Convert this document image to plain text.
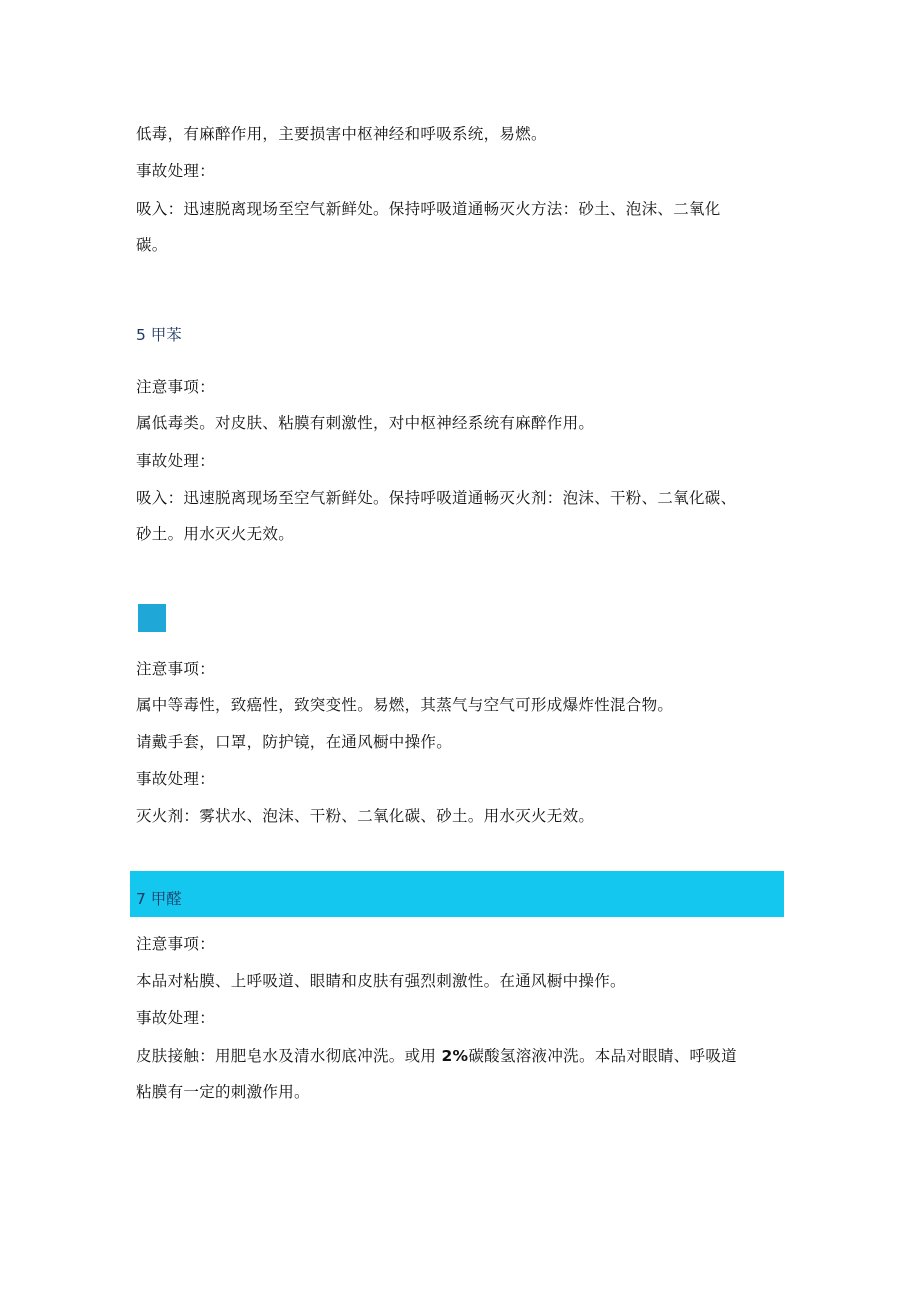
低毒，有麻醉作用，主要损害中枢神经和呼吸系统，易燃。
事故处理：
吸入：迅速脱离现场至空气新鲜处。保持呼吸道通畅灭火方法：砂土、泡沫、二氧化
碳。
5 甲苯
注意事项：
属低毒类。对皮肤、粘膜有刺激性，对中枢神经系统有麻醉作用。
事故处理：
吸入：迅速脱离现场至空气新鲜处。保持呼吸道通畅灭火剂：泡沫、干粉、二氧化碳、
砂土。用水灭火无效。
注意事项：
属中等毒性，致癌性，致突变性。易燃，其蒸气与空气可形成爆炸性混合物。
请戴手套，口罩，防护镜，在通风橱中操作。
事故处理：
灭火剂：雾状水、泡沫、干粉、二氧化碳、砂土。用水灭火无效。
7 甲醛
注意事项：
本品对粘膜、上呼吸道、眼睛和皮肤有强烈刺激性。在通风橱中操作。
事故处理：
皮肤接触：用肥皂水及清水彻底冲洗。或用 2%碳酸氢溶液冲洗。本品对眼睛、呼吸道
粘膜有一定的刺激作用。
